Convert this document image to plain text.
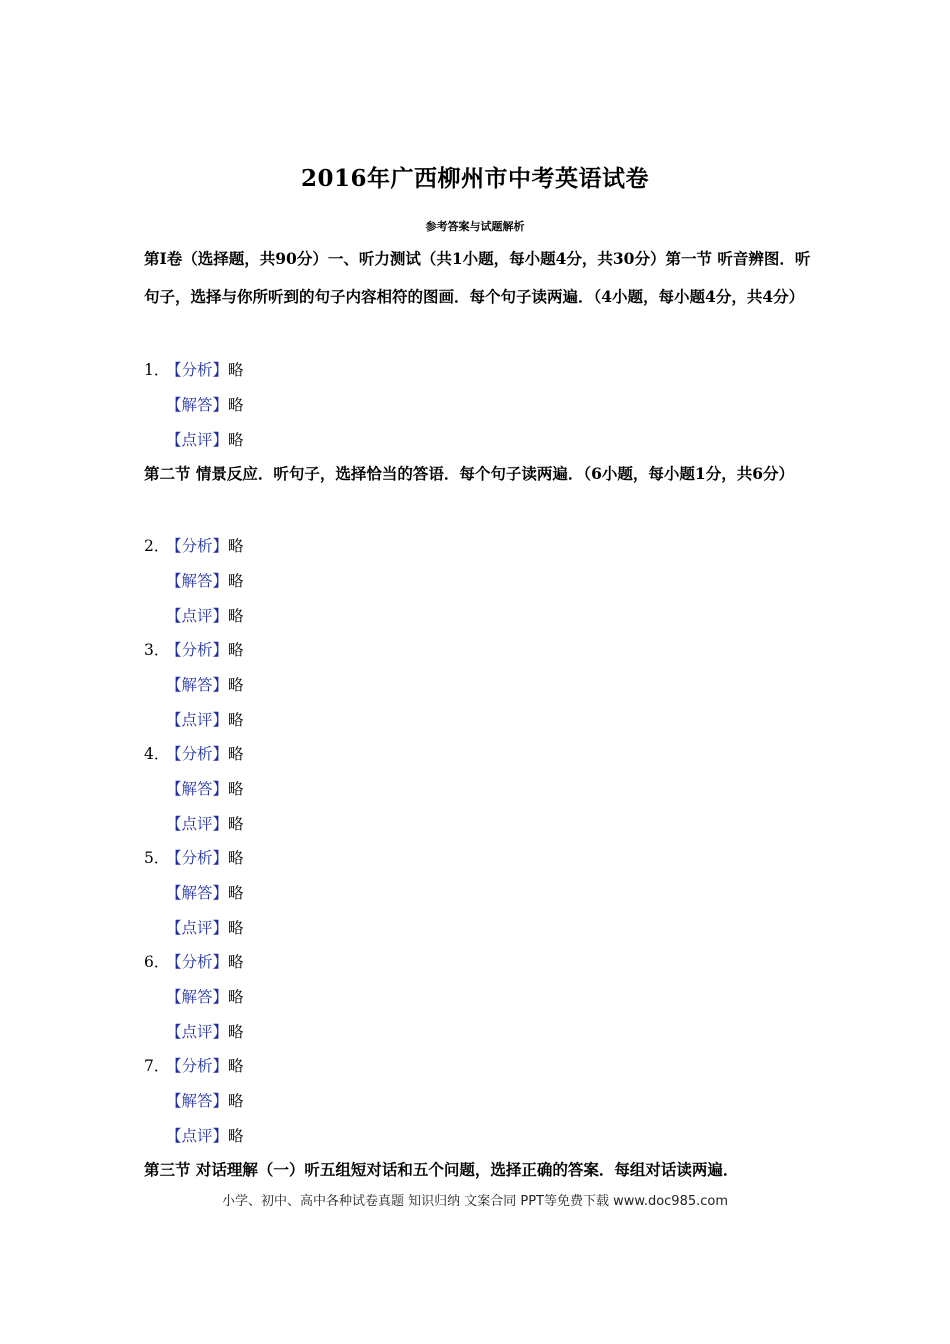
2016年广西柳州市中考英语试卷
参考答案与试题解析

第Ⅰ卷（选择题，共90分）一、听力测试（共1小题，每小题4分，共30分）第一节 听音辨图．听句子，选择与你所听到的句子内容相符的图画．每个句子读两遍．（4小题，每小题4分，共4分）

1．【分析】略
【解答】略
【点评】略

第二节 情景反应．听句子，选择恰当的答语．每个句子读两遍．（6小题，每小题1分，共6分）

2．【分析】略
【解答】略
【点评】略
3．【分析】略
【解答】略
【点评】略
4．【分析】略
【解答】略
【点评】略
5．【分析】略
【解答】略
【点评】略
6．【分析】略
【解答】略
【点评】略
7．【分析】略
【解答】略
【点评】略

第三节 对话理解（一）听五组短对话和五个问题，选择正确的答案．每组对话读两遍．

小学、初中、高中各种试卷真题 知识归纳 文案合同 PPT等免费下载 www.doc985.com
